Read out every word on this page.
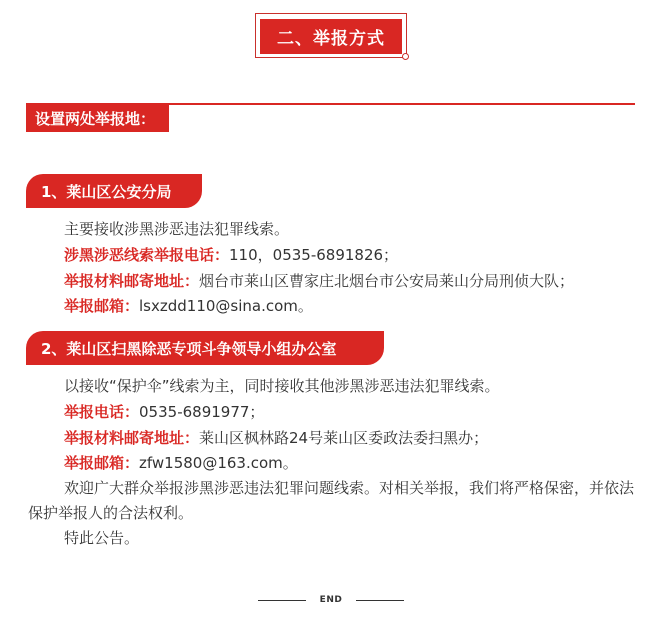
二、举报方式
设置两处举报地：
1、莱山区公安分局
主要接收涉黑涉恶违法犯罪线索。
涉黑涉恶线索举报电话：110，0535-6891826；
举报材料邮寄地址：烟台市莱山区曹家庄北烟台市公安局莱山分局刑侦大队；
举报邮箱：lsxzdd110@sina.com。
2、莱山区扫黑除恶专项斗争领导小组办公室
以接收“保护伞”线索为主，同时接收其他涉黑涉恶违法犯罪线索。
举报电话：0535-6891977；
举报材料邮寄地址：莱山区枫林路24号莱山区委政法委扫黑办；
举报邮箱：zfw1580@163.com。
欢迎广大群众举报涉黑涉恶违法犯罪问题线索。对相关举报，我们将严格保密，并依法保护举报人的合法权利。
特此公告。
END
